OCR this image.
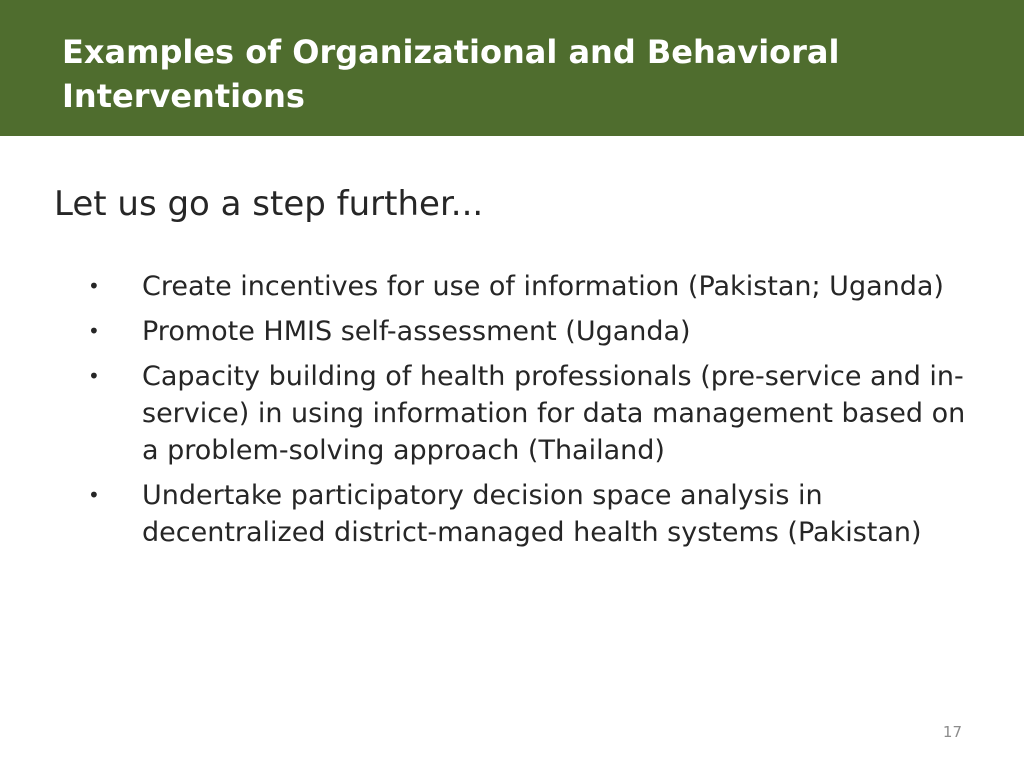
Examples of Organizational and Behavioral Interventions

Let us go a step further...

• Create incentives for use of information (Pakistan; Uganda)
• Promote HMIS self-assessment (Uganda)
• Capacity building of health professionals (pre-service and in-service) in using information for data management based on a problem-solving approach (Thailand)
• Undertake participatory decision space analysis in decentralized district-managed health systems (Pakistan)
17
